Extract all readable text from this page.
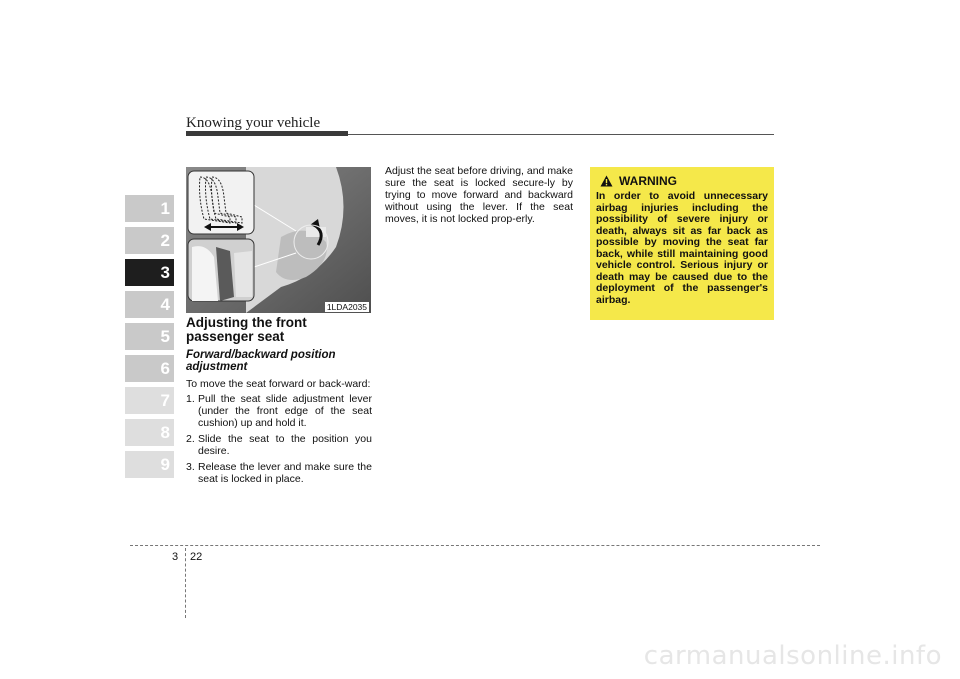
Knowing your vehicle
1
2
3
4
5
6
7
8
9
1LDA2035
Adjusting the front passenger seat
Forward/backward position adjustment
To move the seat forward or back-ward:
1. Pull the seat slide adjustment lever (under the front edge of the seat cushion) up and hold it.
2. Slide the seat to the position you desire.
3. Release the lever and make sure the seat is locked in place.
Adjust the seat before driving, and make sure the seat is locked secure-ly by trying to move forward and backward without using the lever. If the seat moves, it is not locked prop-erly.
WARNING
In order to avoid unnecessary airbag injuries including the possibility of severe injury or death, always sit as far back as possible by moving the seat far back, while still maintaining good vehicle control. Serious injury or death may be caused due to the deployment of the passenger's airbag.
3 22
carmanualsonline.info
